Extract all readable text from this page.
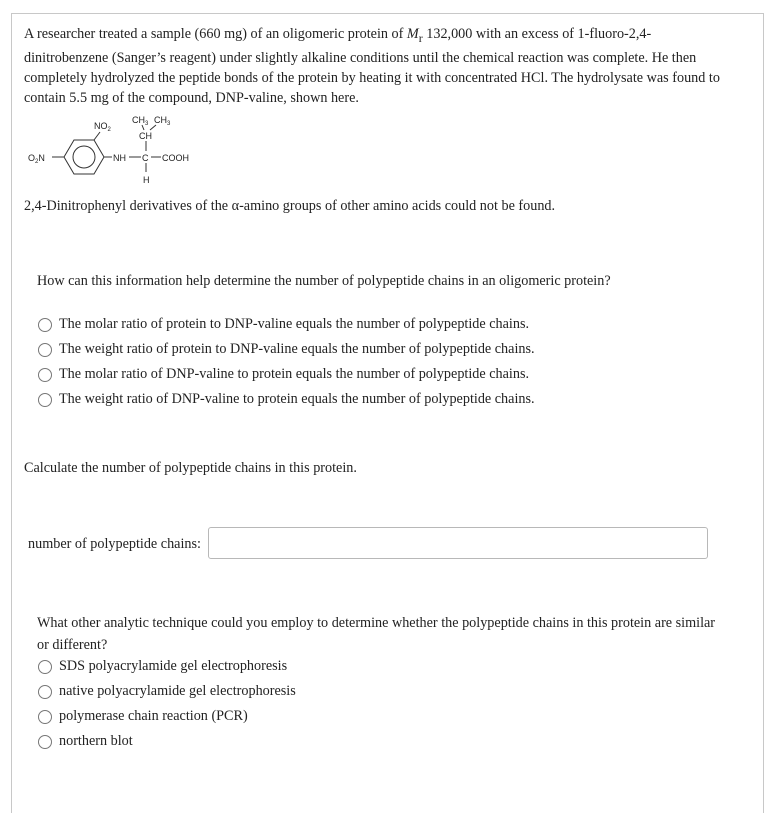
A researcher treated a sample (660 mg) of an oligomeric protein of $M_r$ 132,000 with an excess of 1-fluoro-2,4-dinitrobenzene (Sanger’s reagent) under slightly alkaline conditions until the chemical reaction was complete. He then completely hydrolyzed the peptide bonds of the protein by heating it with concentrated HCl. The hydrolysate was found to contain 5.5 mg of the compound, DNP-valine, shown here.

$O_2N$
$NO_2$
$CH_3$ $CH_3$
CH
NH C COOH
H

2,4-Dinitrophenyl derivatives of the α-amino groups of other amino acids could not be found.

How can this information help determine the number of polypeptide chains in an oligomeric protein?

The molar ratio of protein to DNP-valine equals the number of polypeptide chains.
The weight ratio of protein to DNP-valine equals the number of polypeptide chains.
The molar ratio of DNP-valine to protein equals the number of polypeptide chains.
The weight ratio of DNP-valine to protein equals the number of polypeptide chains.

Calculate the number of polypeptide chains in this protein.

number of polypeptide chains:

What other analytic technique could you employ to determine whether the polypeptide chains in this protein are similar or different?

SDS polyacrylamide gel electrophoresis
native polyacrylamide gel electrophoresis
polymerase chain reaction (PCR)
northern blot
